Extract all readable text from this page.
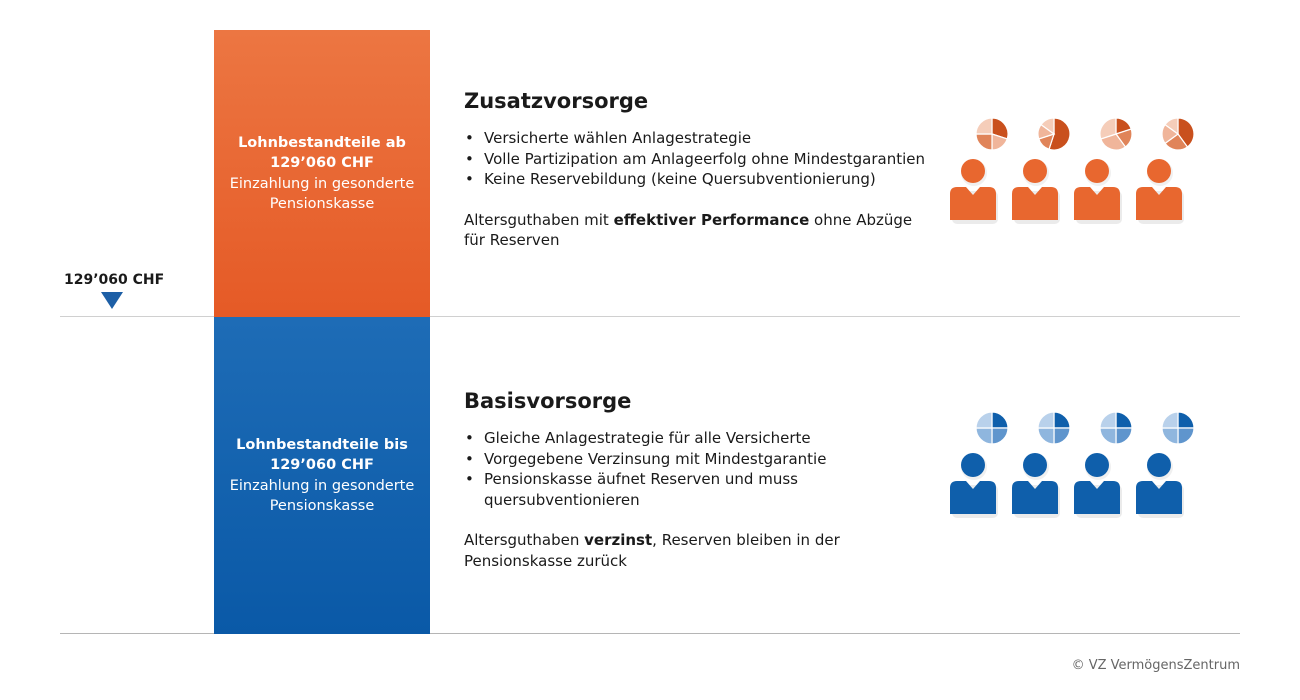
129’060 CHF
Lohnbestandteile ab 129’060 CHF
Einzahlung in gesonderte Pensionskasse
Lohnbestandteile bis 129’060 CHF
Einzahlung in gesonderte Pensionskasse
Zusatzvorsorge
• Versicherte wählen Anlagestrategie
• Volle Partizipation am Anlageerfolg ohne Mindestgarantien
• Keine Reservebildung (keine Quersubventionierung)

Altersguthaben mit effektiver Performance ohne Abzüge für Reserven

Basisvorsorge
• Gleiche Anlagestrategie für alle Versicherte
• Vorgegebene Verzinsung mit Mindestgarantie
• Pensionskasse äufnet Reserven und muss quersubventionieren

Altersguthaben verzinst, Reserven bleiben in der Pensionskasse zurück

© VZ VermögensZentrum
